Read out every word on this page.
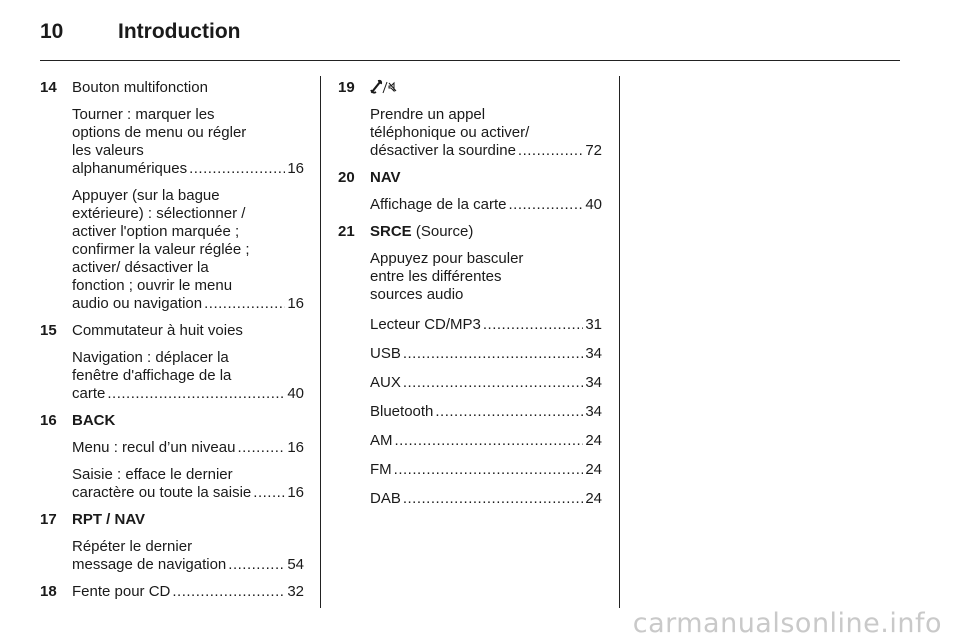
10	Introduction
14 Bouton multifonction
Tourner : marquer les
options de menu ou régler
les valeurs
alphanumériques .....	16
Appuyer (sur la bague
extérieure) : sélectionner /
activer l'option marquée ;
confirmer la valeur réglée ;
activer/ désactiver la
fonction ; ouvrir le menu
audio ou navigation .....	16
15 Commutateur à huit voies
Navigation : déplacer la
fenêtre d'affichage de la
carte .....	40
16 BACK
Menu : recul d’un niveau .....	16
Saisie : efface le dernier
caractère ou toute la saisie ..... 16
17 RPT / NAV
Répéter le dernier
message de navigation .....	54
18 Fente pour CD .....	32
19
Prendre un appel
téléphonique ou activer/
désactiver la sourdine .....	72
20 NAV
Affichage de la carte .....	40
21 SRCE (Source)
Appuyez pour basculer
entre les différentes
sources audio
Lecteur CD/MP3 .....	31
USB .....	34
AUX .....	34
Bluetooth .....	34
AM .....	24
FM .....	24
DAB .....	24
carmanualsonline.info
